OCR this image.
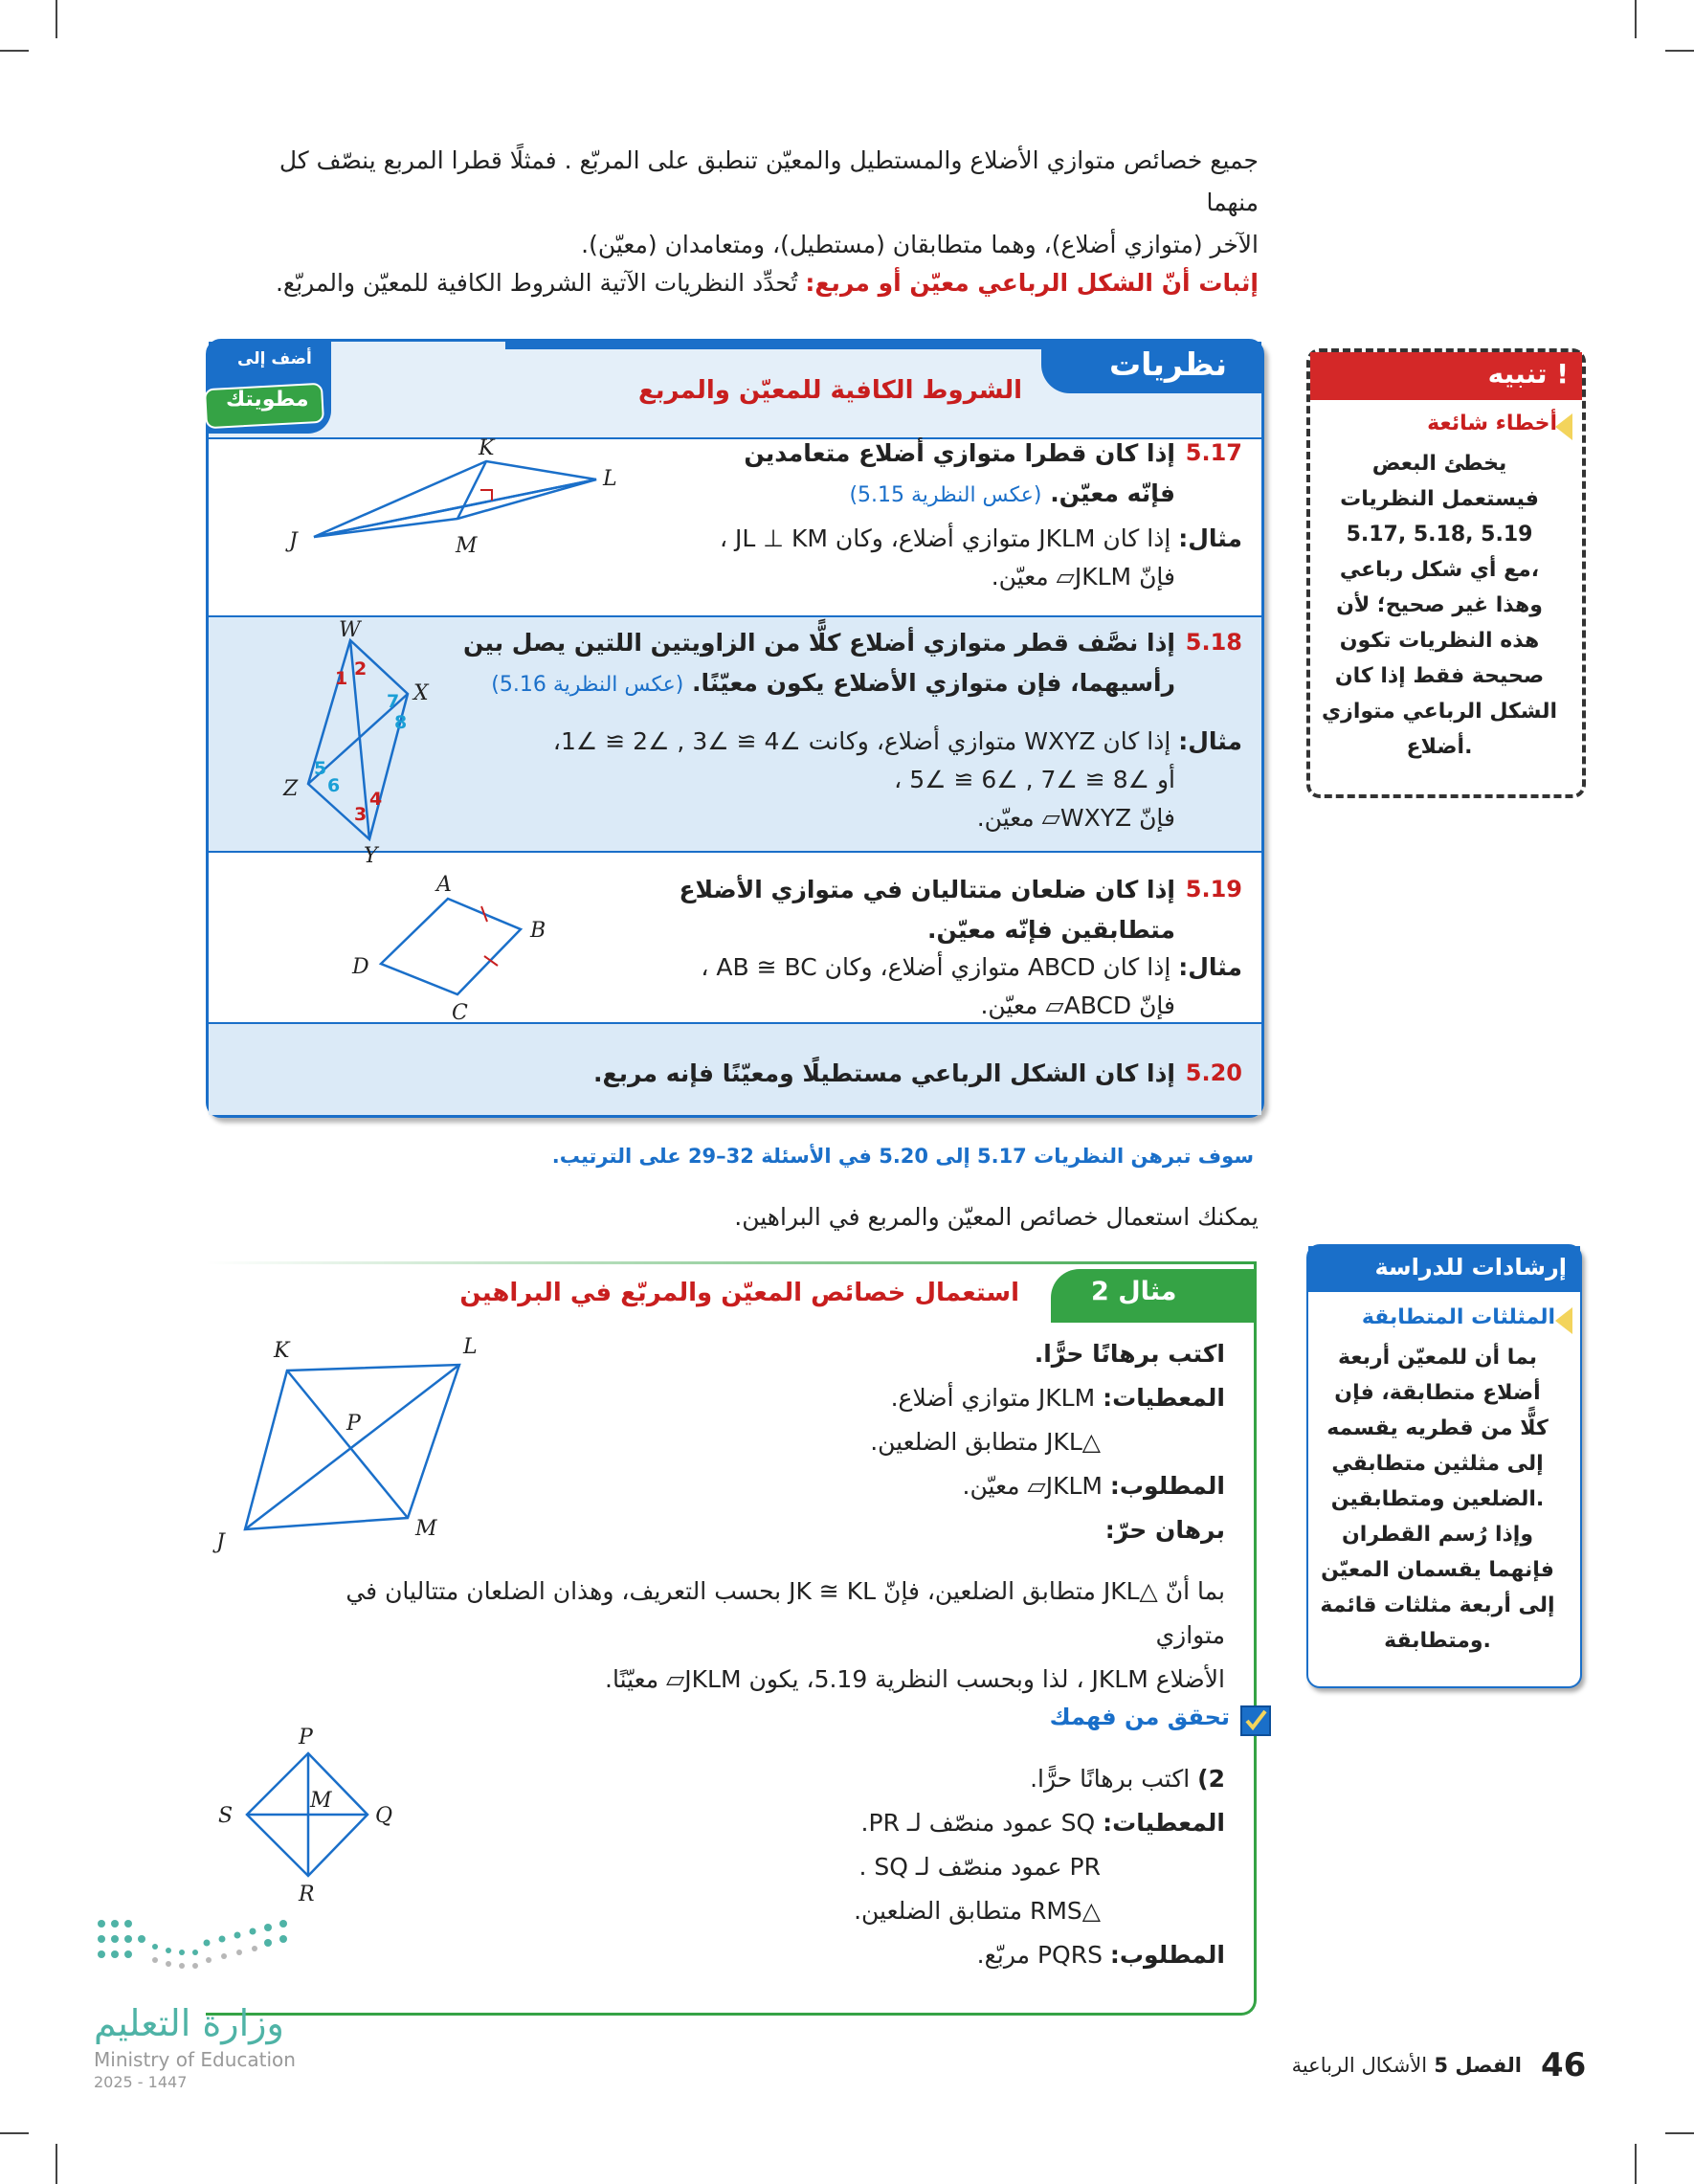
جميع خصائص متوازي الأضلاع والمستطيل والمعيّن تنطبق على المربّع . فمثلًا قطرا المربع ينصّف كل منهما
الآخر (متوازي أضلاع)، وهما متطابقان (مستطيل)، ومتعامدان (معيّن).
إثبات أنّ الشكل الرباعي معيّن أو مربع: تُحدِّد النظريات الآتية الشروط الكافية للمعيّن والمربّع.
نظريات
الشروط الكافية للمعيّن والمربع
أضف إلى
مطويتك
5.17
إذا كان قطرا متوازي أضلاع متعامدين
فإنّه معيّن. (عكس النظرية 5.15)
مثال: إذا كان JKLM متوازي أضلاع، وكان JL ⊥ KM ،
فإنّ JKLM▱ معيّن.
K
L
J	M
5.18
إذا نصَّف قطر متوازي أضلاع كلًّا من الزاويتين اللتين يصل بين
رأسيهما، فإن متوازي الأضلاع يكون معيّنًا. (عكس النظرية 5.16)
مثال: إذا كان WXYZ متوازي أضلاع، وكانت ∠4 ≅ ∠3 , ∠2 ≅ ∠1،
أو ∠8 ≅ ∠7 , ∠6 ≅ ∠5 ،
فإنّ WXYZ▱ معيّن.
W
X
Z
Y
1 2
3
4
5
6
7
8
5.19
إذا كان ضلعان متتاليان في متوازي الأضلاع
متطابقين فإنّه معيّن.
مثال: إذا كان ABCD متوازي أضلاع، وكان AB ≅ BC ،
فإنّ ABCD▱ معيّن.
A
B
D
C
5.20
إذا كان الشكل الرباعي مستطيلًا ومعيّنًا فإنه مربع.
تنبيه !
أخطاء شائعة
يخطئ البعض
فيستعمل النظريات
5.17, 5.18, 5.19
مع أي شكل رباعي،
وهذا غير صحيح؛ لأن
هذه النظريات تكون
صحيحة فقط إذا كان
الشكل الرباعي متوازي
أضلاع.
سوف تبرهن النظريات 5.17 إلى 5.20 في الأسئلة 32–29 على الترتيب.
يمكنك استعمال خصائص المعيّن والمربع في البراهين.
إرشادات للدراسة
المثلثات المتطابقة
بما أن للمعيّن أربعة
أضلاع متطابقة، فإن
كلًّا من قطريه يقسمه
إلى مثلثين متطابقي
الضلعين ومتطابقين.
وإذا رُسم القطران
فإنهما يقسمان المعيّن
إلى أربعة مثلثات قائمة
ومتطابقة.
مثال 2
استعمال خصائص المعيّن والمربّع في البراهين
اكتب برهانًا حرًّا.
المعطيات: JKLM متوازي أضلاع.
△JKL متطابق الضلعين.
المطلوب: JKLM▱ معيّن.
برهان حرّ:
بما أنّ △JKL متطابق الضلعين، فإنّ JK ≅ KL بحسب التعريف، وهذان الضلعان متتاليان في متوازي
الأضلاع JKLM ، لذا وبحسب النظرية 5.19، يكون JKLM▱ معيّنًا.
K	L
P
J
M
تحقق من فهمك
2) اكتب برهانًا حرًّا.
المعطيات: SQ عمود منصّف لـ PR.
PR عمود منصّف لـ SQ .
△RMS متطابق الضلعين.
المطلوب: PQRS مربّع.
P
S
M
Q
R
وزارة التعليم
Ministry of Education
2025 - 1447	46
الفصل 5 الأشكال الرباعية
